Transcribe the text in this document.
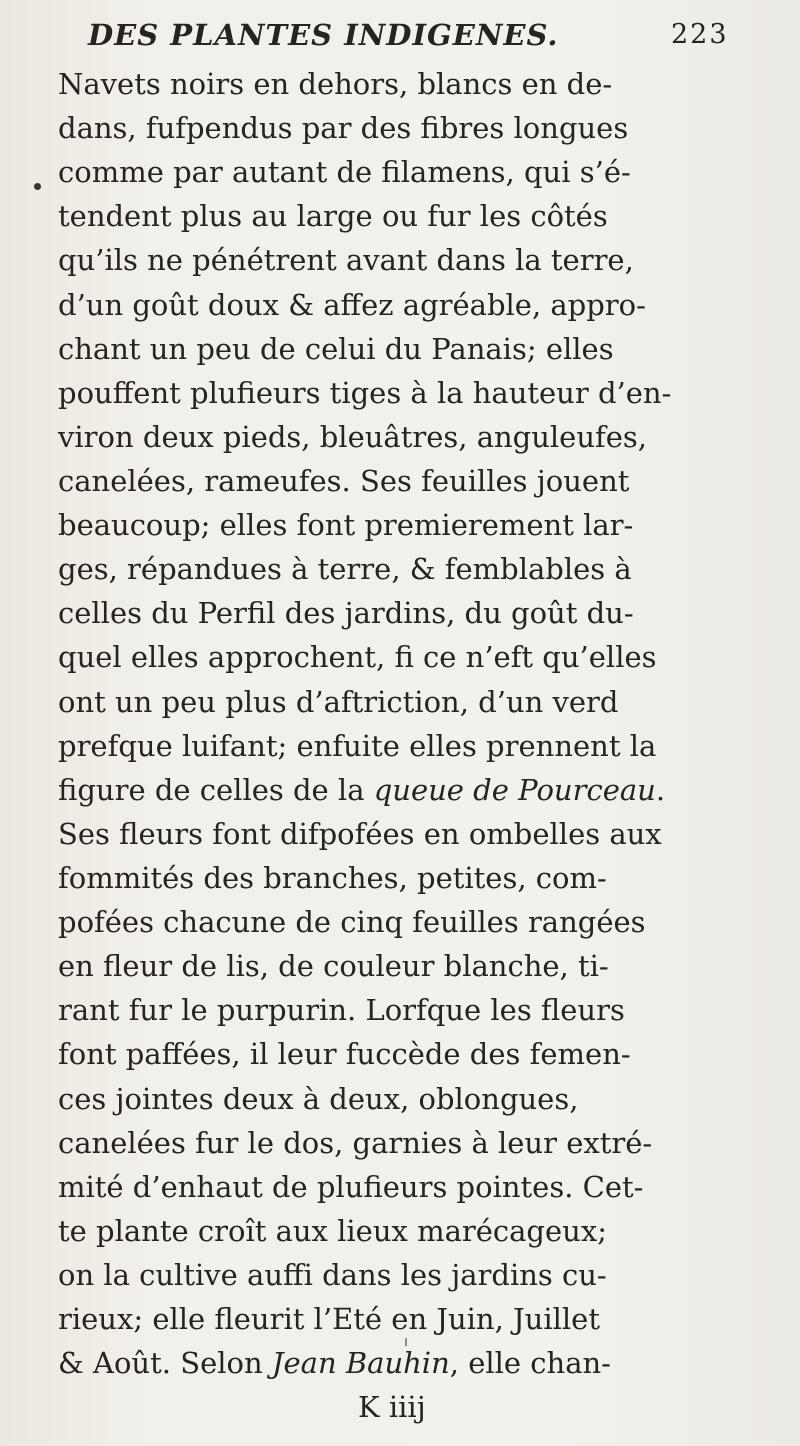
DES PLANTES INDIGENES.	223
Navets noirs en dehors, blancs en de-
dans, fufpendus par des fibres longues
comme par autant de filamens, qui s’é-
tendent plus au large ou fur les côtés
qu’ils ne pénétrent avant dans la terre,
d’un goût doux & affez agréable, appro-
chant un peu de celui du Panais; elles
pouffent plufieurs tiges à la hauteur d’en-
viron deux pieds, bleuâtres, anguleufes,
canelées, rameufes. Ses feuilles jouent
beaucoup; elles font premierement lar-
ges, répandues à terre, & femblables à
celles du Perfil des jardins, du goût du-
quel elles approchent, fi ce n’eft qu’elles
ont un peu plus d’aftriction, d’un verd
prefque luifant; enfuite elles prennent la
figure de celles de la queue de Pourceau.
Ses fleurs font difpofées en ombelles aux
fommités des branches, petites, com-
pofées chacune de cinq feuilles rangées
en fleur de lis, de couleur blanche, ti-
rant fur le purpurin. Lorfque les fleurs
font paffées, il leur fuccède des femen-
ces jointes deux à deux, oblongues,
canelées fur le dos, garnies à leur extré-
mité d’enhaut de plufieurs pointes. Cet-
te plante croît aux lieux marécageux;
on la cultive auffi dans les jardins cu-
rieux; elle fleurit l’Eté en Juin, Juillet
& Août. Selon Jean Bauhin, elle chan-
K iiij
